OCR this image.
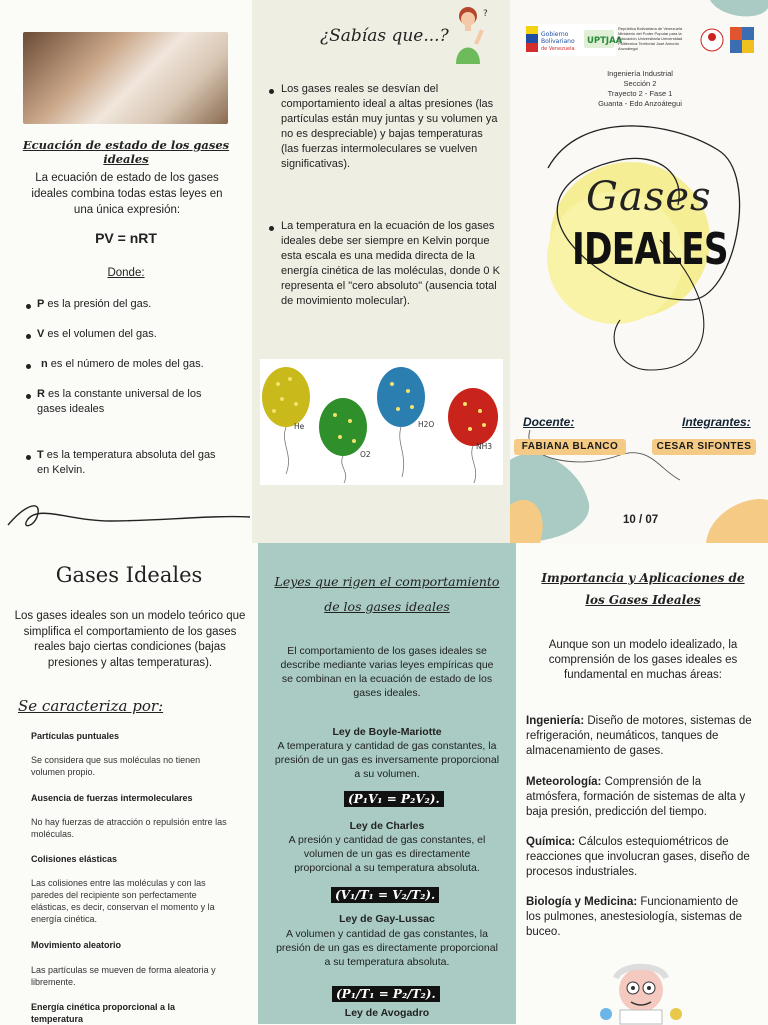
Ecuación de estado de los gases ideales
La ecuación de estado de los gases ideales combina todas estas leyes en una única expresión:
PV = nRT
Donde:
P es la presión del gas.
V es el volumen del gas.
n es el número de moles del gas.
R es la constante universal de los gases ideales
T es la temperatura absoluta del gas en Kelvin.
¿Sabías que...?
?
Los gases reales se desvían del comportamiento ideal a altas presiones (las partículas están muy juntas y su volumen ya no es despreciable) y bajas temperaturas (las fuerzas intermoleculares se vuelven significativas).
La temperatura en la ecuación de los gases ideales debe ser siempre en Kelvin porque esta escala es una medida directa de la energía cinética de las moléculas, donde 0 K representa el "cero absoluto" (ausencia total de movimiento molecular).
He
O2
H2O
NH3
Gobierno
Bolivariano
de Venezuela
UPTJAA
República Bolivariana de Venezuela Ministerio del Poder Popular para la Educación Universitaria Universidad Politécnica Territorial José Antonio Anzoátegui
Ingeniería Industrial
Sección 2
Trayecto 2 - Fase 1
Guanta - Edo Anzoátegui
Gases
IDEALES
Docente:	Integrantes:
FABIANA BLANCO	CESAR SIFONTES
10 / 07
Gases Ideales
Los gases ideales son un modelo teórico que simplifica el comportamiento de los gases reales bajo ciertas condiciones (bajas presiones y altas temperaturas).
Se caracteriza por:
Partículas puntuales
Se considera que sus moléculas no tienen volumen propio.
Ausencia de fuerzas intermoleculares
No hay fuerzas de atracción o repulsión entre las moléculas.
Colisiones elásticas
Las colisiones entre las moléculas y con las paredes del recipiente son perfectamente elásticas, es decir, conservan el momento y la energía cinética.
Movimiento aleatorio
Las partículas se mueven de forma aleatoria y libremente.
Energía cinética proporcional a la temperatura
Leyes que rigen el comportamiento de los gases ideales
El comportamiento de los gases ideales se describe mediante varias leyes empíricas que se combinan en la ecuación de estado de los gases ideales.
Ley de Boyle-Mariotte
A temperatura y cantidad de gas constantes, la presión de un gas es inversamente proporcional a su volumen.
(P₁V₁ = P₂V₂).
Ley de Charles
A presión y cantidad de gas constantes, el volumen de un gas es directamente proporcional a su temperatura absoluta.
(V₁/T₁ = V₂/T₂).
Ley de Gay-Lussac
A volumen y cantidad de gas constantes, la presión de un gas es directamente proporcional a su temperatura absoluta.
(P₁/T₁ = P₂/T₂).
Ley de Avogadro
Importancia y Aplicaciones de los Gases Ideales
Aunque son un modelo idealizado, la comprensión de los gases ideales es fundamental en muchas áreas:
Ingeniería: Diseño de motores, sistemas de refrigeración, neumáticos, tanques de almacenamiento de gases.
Meteorología: Comprensión de la atmósfera, formación de sistemas de alta y baja presión, predicción del tiempo.
Química: Cálculos estequiométricos de reacciones que involucran gases, diseño de procesos industriales.
Biología y Medicina: Funcionamiento de los pulmones, anestesiología, sistemas de buceo.
